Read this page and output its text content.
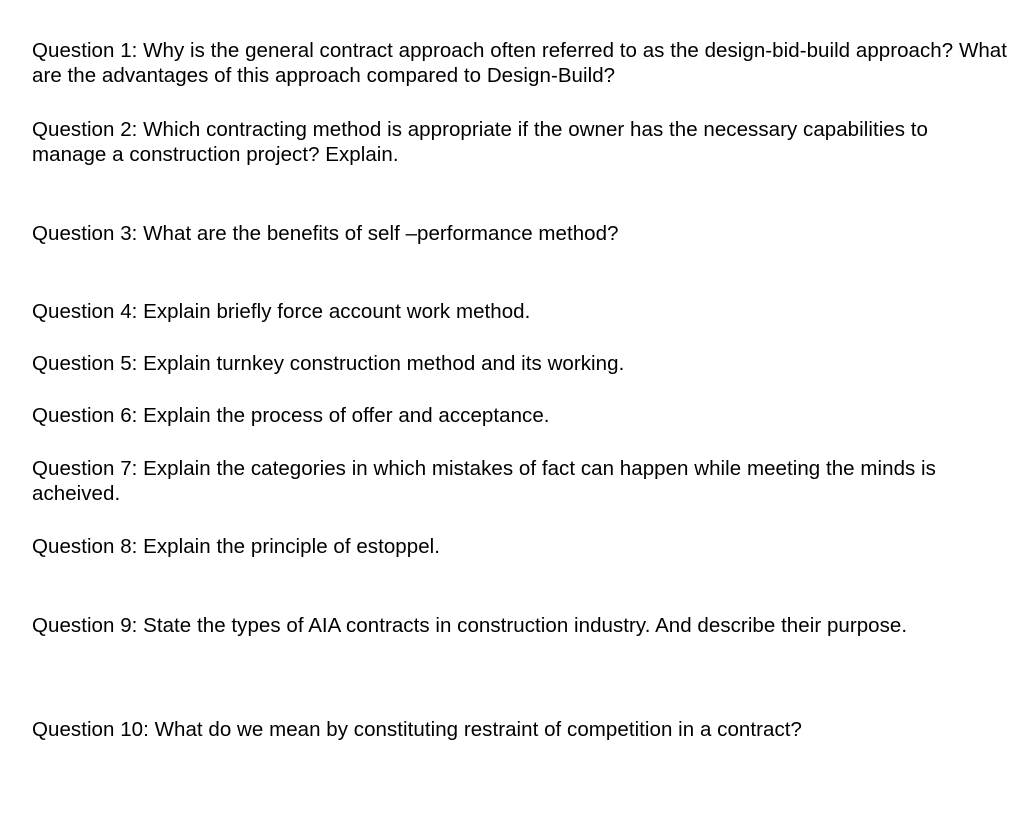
Question 1: Why is the general contract approach often referred to as the design-bid-build approach? What are the advantages of this approach compared to Design-Build?

Question 2: Which contracting method is appropriate if the owner has the necessary capabilities to manage a construction project? Explain.

Question 3: What are the benefits of self –performance method?

Question 4: Explain briefly force account work method.

Question 5: Explain turnkey construction method and its working.

Question 6: Explain the process of offer and acceptance.

Question 7: Explain the categories in which mistakes of fact can happen while meeting the minds is acheived.

Question 8: Explain the principle of estoppel.

Question 9: State the types of AIA contracts in construction industry. And describe their purpose.

Question 10: What do we mean by constituting restraint of competition in a contract?
